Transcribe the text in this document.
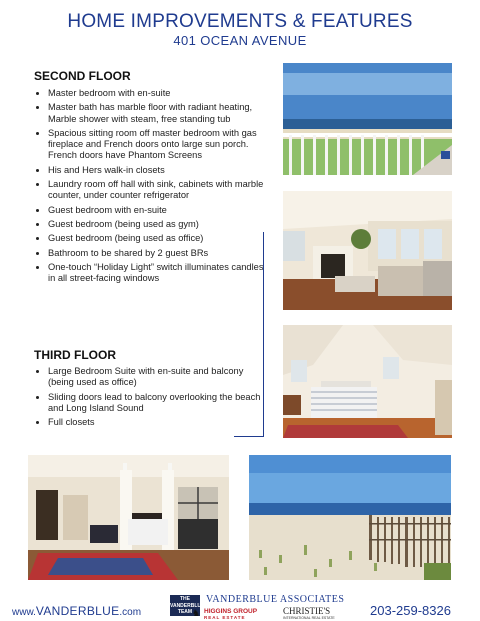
HOME IMPROVEMENTS & FEATURES
401 OCEAN AVENUE
SECOND FLOOR
• Master bedroom with en-suite
• Master bath has marble floor with radiant heating, Marble shower with steam, free standing tub
• Spacious sitting room off master bedroom with gas fireplace and French doors onto large sun porch. French doors have Phantom Screens
• His and Hers walk-in closets
• Laundry room off hall with sink, cabinets with marble counter, under counter refrigerator
• Guest bedroom with en-suite
• Guest bedroom (being used as gym)
• Guest bedroom (being used as office)
• Bathroom to be shared by 2 guest BRs
• One-touch “Holiday Light” switch illuminates candles in all street-facing windows
THIRD FLOOR
• Large Bedroom Suite with en-suite and balcony (being used as office)
• Sliding doors lead to balcony overlooking the beach and Long Island Sound
• Full closets
www.VANDERBLUE.com
THE
VANDERBLUE
TEAM
VANDERBLUE ASSOCIATES
♞ HIGGINS GROUP
REAL ESTATE
CHRISTIE'S
INTERNATIONAL REAL ESTATE	203-259-8326
